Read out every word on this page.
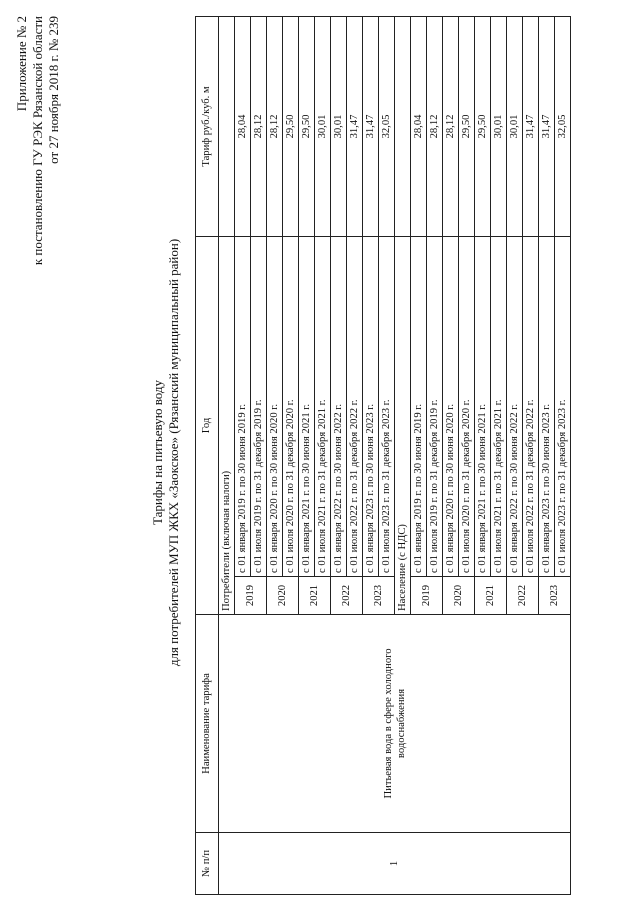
Приложение № 2 к постановлению ГУ РЭК Рязанской области от 27 ноября 2018 г. № 239
Тарифы на питьевую воду для потребителей МУП ЖКХ «Заокское» (Рязанский муниципальный район)
№ п/п	Наименование тарифа	Год		Тариф руб./куб. м
1	Питьевая вода в сфере холодного водоснабжения	Потребители (включая налоги)		
		2019	с 01 января 2019 г. по 30 июня 2019 г.	28,04
			с 01 июля 2019 г. по 31 декабря 2019 г.	28,12
		2020	с 01 января 2020 г. по 30 июня 2020 г.	28,12
			с 01 июля 2020 г. по 31 декабря 2020 г.	29,50
		2021	с 01 января 2021 г. по 30 июня 2021 г.	29,50
			с 01 июля 2021 г. по 31 декабря 2021 г.	30,01
		2022	с 01 января 2022 г. по 30 июня 2022 г.	30,01
			с 01 июля 2022 г. по 31 декабря 2022 г.	31,47
		2023	с 01 января 2023 г. по 30 июня 2023 г.	31,47
			с 01 июля 2023 г. по 31 декабря 2023 г.	32,05
		Население (с НДС)		
		2019	с 01 января 2019 г. по 30 июня 2019 г.	28,04
			с 01 июля 2019 г. по 31 декабря 2019 г.	28,12
		2020	с 01 января 2020 г. по 30 июня 2020 г.	28,12
			с 01 июля 2020 г. по 31 декабря 2020 г.	29,50
		2021	с 01 января 2021 г. по 30 июня 2021 г.	29,50
			с 01 июля 2021 г. по 31 декабря 2021 г.	30,01
		2022	с 01 января 2022 г. по 30 июня 2022 г.	30,01
			с 01 июля 2022 г. по 31 декабря 2022 г.	31,47
		2023	с 01 января 2023 г. по 30 июня 2023 г.	31,47
			с 01 июля 2023 г. по 31 декабря 2023 г.	32,05
